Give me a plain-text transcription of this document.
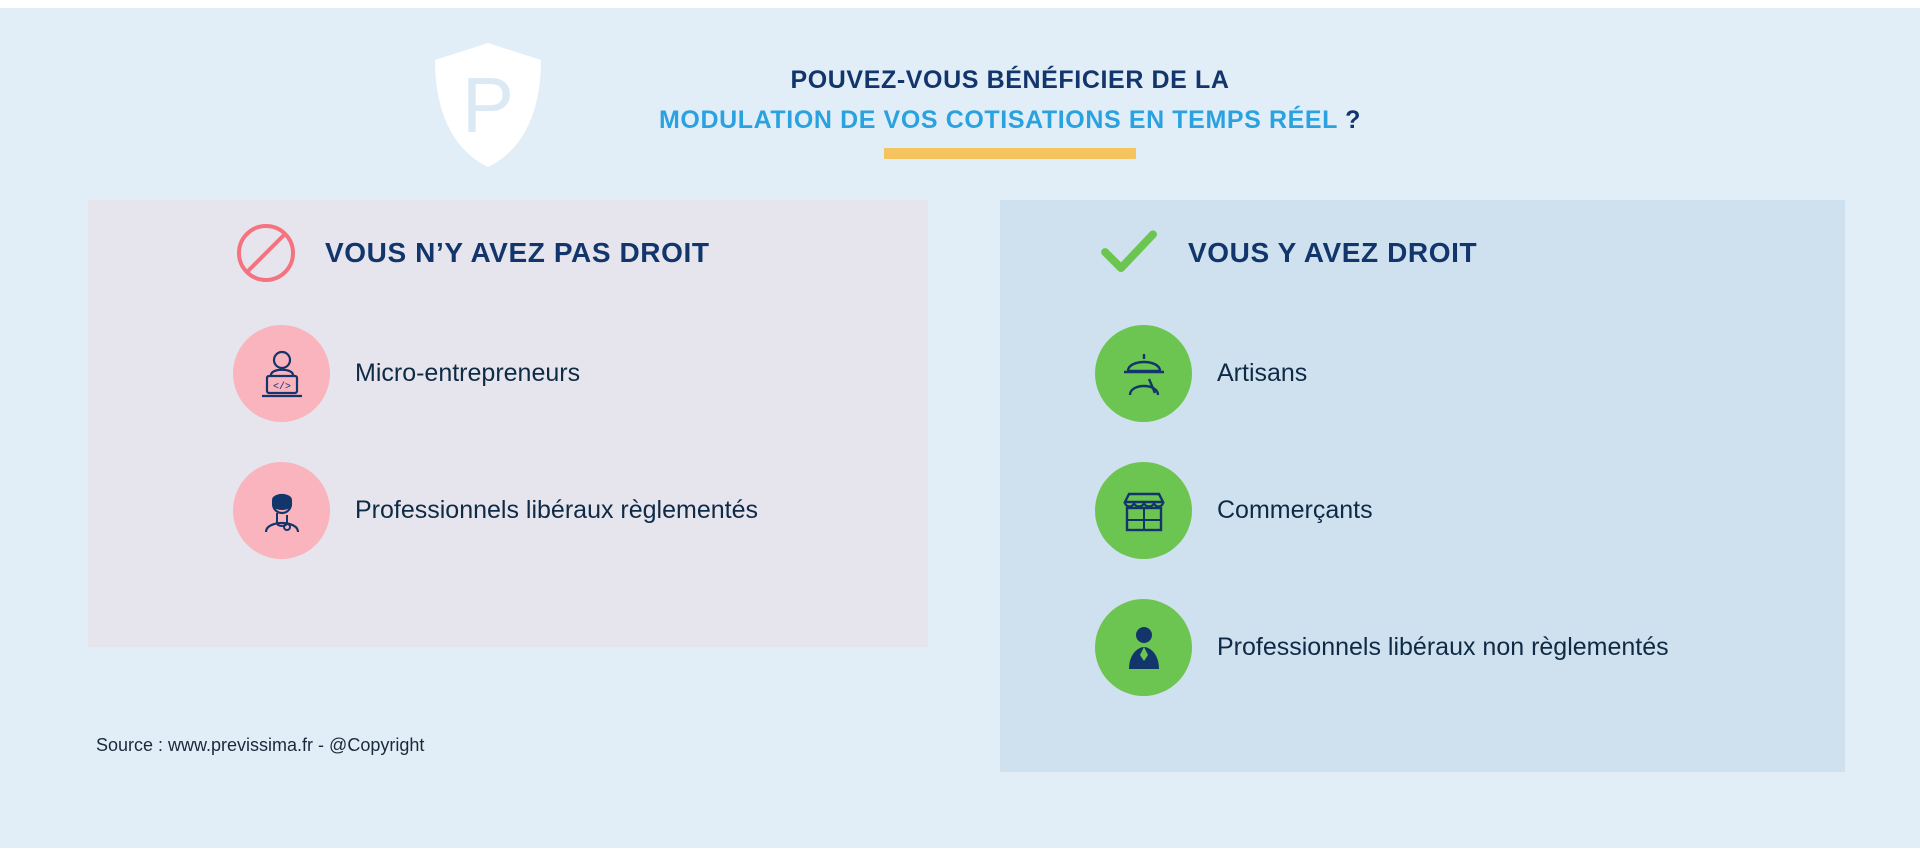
P	POUVEZ-VOUS BÉNÉFICIER DE LA
MODULATION DE VOS COTISATIONS EN TEMPS RÉEL ?
VOUS N’Y AVEZ PAS DROIT
</>	Micro-entrepreneurs
Professionnels libéraux règlementés
VOUS Y AVEZ DROIT
Artisans
Commerçants
Professionnels libéraux non règlementés
Source : www.previssima.fr - @Copyright
